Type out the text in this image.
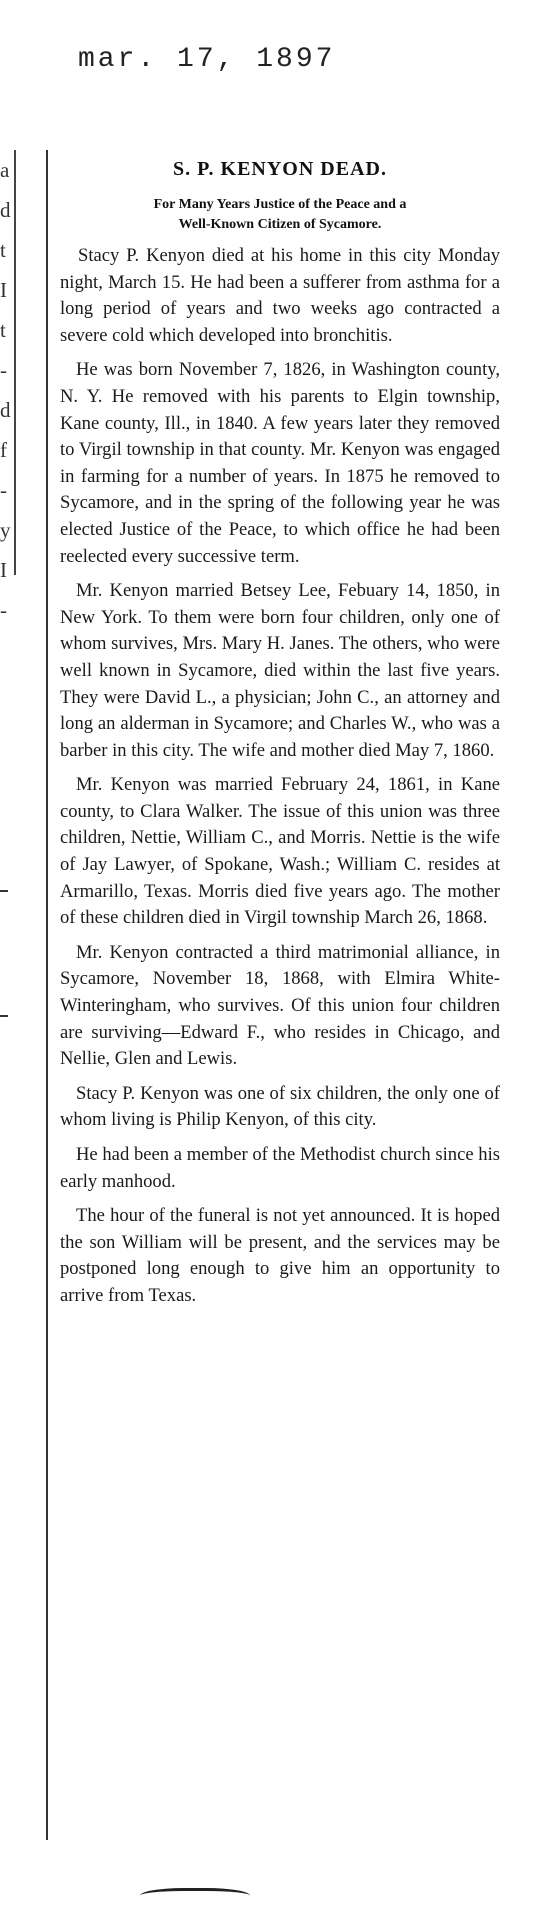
mar. 17, 1897
a
d
t
I
t
-
d
f
-
y
I
-
S. P. KENYON DEAD.
For Many Years Justice of the Peace and a
Well-Known Citizen of Sycamore.

Stacy P. Kenyon died at his home in this city Monday night, March 15. He had been a sufferer from asthma for a long period of years and two weeks ago contracted a severe cold which developed into bronchitis.

He was born November 7, 1826, in Washington county, N. Y. He removed with his parents to Elgin township, Kane county, Ill., in 1840. A few years later they removed to Virgil township in that county. Mr. Kenyon was engaged in farming for a number of years. In 1875 he removed to Sycamore, and in the spring of the following year he was elected Justice of the Peace, to which office he had been reelected every successive term.

Mr. Kenyon married Betsey Lee, Febuary 14, 1850, in New York. To them were born four children, only one of whom survives, Mrs. Mary H. Janes. The others, who were well known in Sycamore, died within the last five years. They were David L., a physician; John C., an attorney and long an alderman in Sycamore; and Charles W., who was a barber in this city. The wife and mother died May 7, 1860.

Mr. Kenyon was married February 24, 1861, in Kane county, to Clara Walker. The issue of this union was three children, Nettie, William C., and Morris. Nettie is the wife of Jay Lawyer, of Spokane, Wash.; William C. resides at Armarillo, Texas. Morris died five years ago. The mother of these children died in Virgil township March 26, 1868.

Mr. Kenyon contracted a third matrimonial alliance, in Sycamore, November 18, 1868, with Elmira White-Winteringham, who survives. Of this union four children are surviving—Edward F., who resides in Chicago, and Nellie, Glen and Lewis.

Stacy P. Kenyon was one of six children, the only one of whom living is Philip Kenyon, of this city.

He had been a member of the Methodist church since his early manhood.

The hour of the funeral is not yet announced. It is hoped the son William will be present, and the services may be postponed long enough to give him an opportunity to arrive from Texas.
